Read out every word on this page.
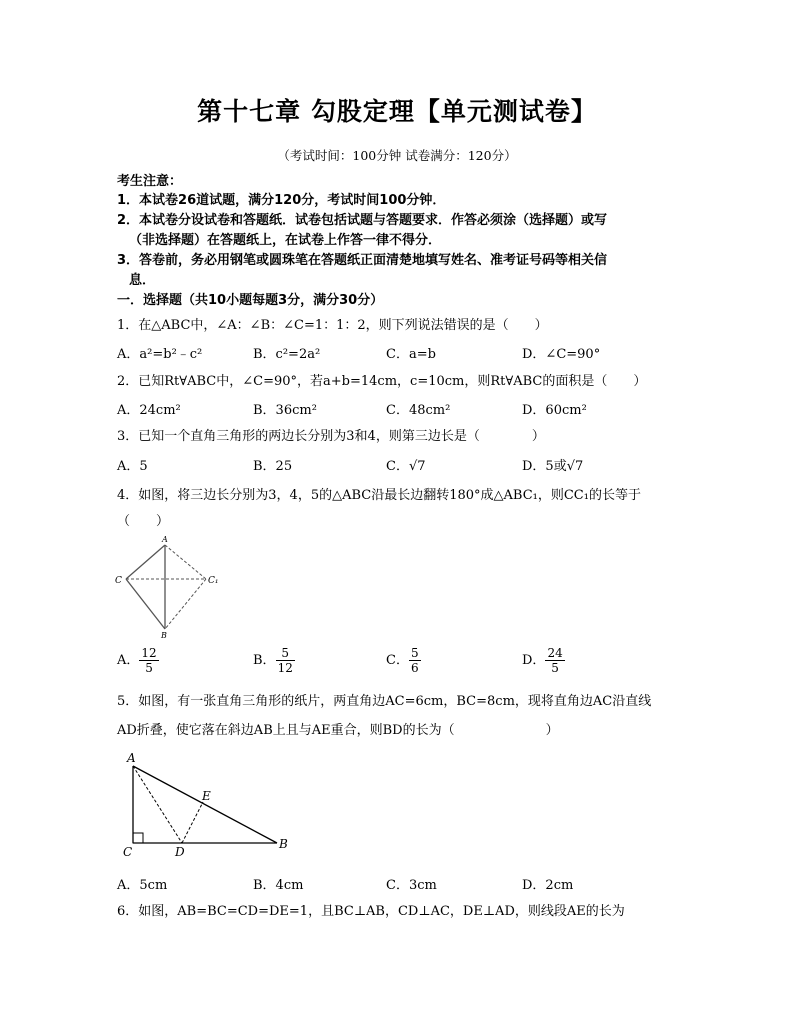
第十七章 勾股定理【单元测试卷】
（考试时间：100分钟 试卷满分：120分）
考生注意：
1．本试卷26道试题，满分120分，考试时间100分钟．
2．本试卷分设试卷和答题纸．试卷包括试题与答题要求．作答必须涂（选择题）或写
（非选择题）在答题纸上，在试卷上作答一律不得分．
3．答卷前，务必用钢笔或圆珠笔在答题纸正面清楚地填写姓名、准考证号码等相关信
息．
一．选择题（共10小题每题3分，满分30分）
1．在△ABC中，∠A：∠B：∠C=1：1：2，则下列说法错误的是（　　）
A．a²=b²﹣c²	B．c²=2a²	C．a=b	D．∠C=90°
2．已知Rt∀ABC中，∠C=90°，若a+b=14cm，c=10cm，则Rt∀ABC的面积是（　　）
A．24cm²	B．36cm²	C．48cm²	D．60cm²
3．已知一个直角三角形的两边长分别为3和4，则第三边长是（　　　　）
A．5	B．25	C．√7	D．5或√7
4．如图，将三边长分别为3，4，5的△ABC沿最长边翻转180°成△ABC₁，则CC₁的长等于
（　　）
A
C	C₁
B
A． $\frac{12}{5}$	B． $\frac{5}{12}$	C． $\frac{5}{6}$	D． $\frac{24}{5}$
5．如图，有一张直角三角形的纸片，两直角边AC=6cm，BC=8cm，现将直角边AC沿直线
AD折叠，使它落在斜边AB上且与AE重合，则BD的长为（　　　　　　　）
A
E
C	D
B
A．5cm	B．4cm	C．3cm	D．2cm
6．如图，AB=BC=CD=DE=1，且BC⊥AB，CD⊥AC，DE⊥AD，则线段AE的长为
